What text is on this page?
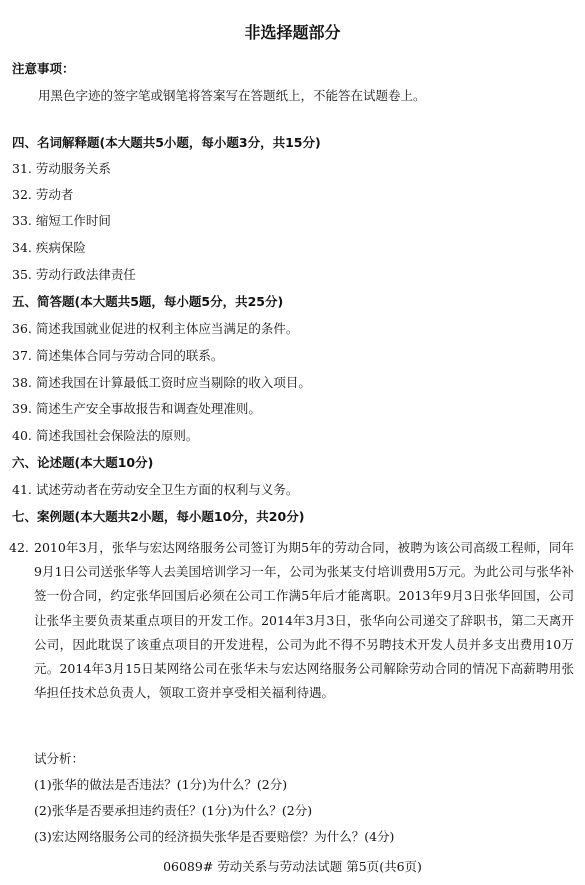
非选择题部分
注意事项：
用黑色字迹的签字笔或钢笔将答案写在答题纸上，不能答在试题卷上。
四、名词解释题(本大题共5小题，每小题3分，共15分)
31. 劳动服务关系
32. 劳动者
33. 缩短工作时间
34. 疾病保险
35. 劳动行政法律责任
五、简答题(本大题共5题，每小题5分，共25分)
36. 简述我国就业促进的权利主体应当满足的条件。
37. 简述集体合同与劳动合同的联系。
38. 简述我国在计算最低工资时应当剔除的收入项目。
39. 简述生产安全事故报告和调查处理准则。
40. 简述我国社会保险法的原则。
六、论述题(本大题10分)
41. 试述劳动者在劳动安全卫生方面的权利与义务。
七、案例题(本大题共2小题，每小题10分，共20分)
42. 2010年3月，张华与宏达网络服务公司签订为期5年的劳动合同，被聘为该公司高级工程师，同年9月1日公司送张华等人去美国培训学习一年，公司为张某支付培训费用5万元。为此公司与张华补签一份合同，约定张华回国后必须在公司工作满5年后才能离职。2013年9月3日张华回国，公司让张华主要负责某重点项目的开发工作。2014年3月3日，张华向公司递交了辞职书，第二天离开公司，因此耽误了该重点项目的开发进程，公司为此不得不另聘技术开发人员并多支出费用10万元。2014年3月15日某网络公司在张华未与宏达网络服务公司解除劳动合同的情况下高薪聘用张华担任技术总负责人，领取工资并享受相关福利待遇。
试分析：
(1)张华的做法是否违法？(1分)为什么？(2分)
(2)张华是否要承担违约责任？(1分)为什么？(2分)
(3)宏达网络服务公司的经济损失张华是否要赔偿？为什么？(4分)
06089# 劳动关系与劳动法试题 第5页(共6页)
